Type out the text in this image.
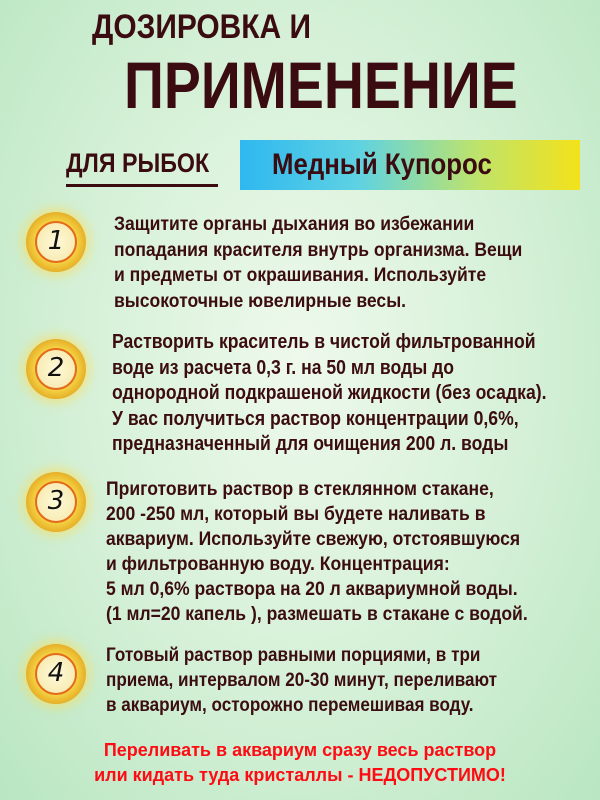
ДОЗИРОВКА И
ПРИМЕНЕНИЕ
ДЛЯ РЫБОК Медный Купорос
1
Защитите органы дыхания во избежании
попадания красителя внутрь организма. Вещи
и предметы от окрашивания. Используйте
высокоточные ювелирные весы.
2
Растворить краситель в чистой фильтрованной
воде из расчета 0,3 г. на 50 мл воды до
однородной подкрашеной жидкости (без осадка).
У вас получиться раствор концентрации 0,6%,
предназначенный для очищения 200 л. воды
3	Приготовить раствор в стеклянном стакане,
200 -250 мл, который вы будете наливать в
аквариум. Используйте свежую, отстоявшуюся
и фильтрованную воду. Концентрация:
5 мл 0,6% раствора на 20 л аквариумной воды.
(1 мл=20 капель ), размешать в стакане с водой.
4
Готовый раствор равными порциями, в три
приема, интервалом 20-30 минут, переливают
в аквариум, осторожно перемешивая воду.
Переливать в аквариум сразу весь раствор
или кидать туда кристаллы - НЕДОПУСТИМО!
